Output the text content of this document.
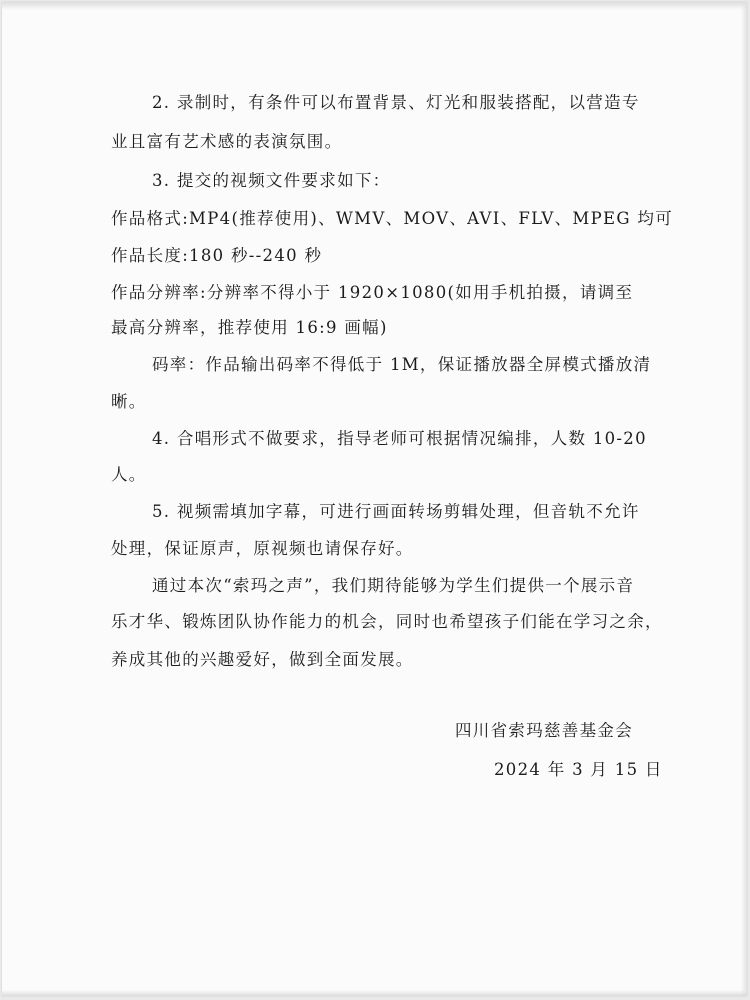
2. 录制时，有条件可以布置背景、灯光和服装搭配，以营造专

业且富有艺术感的表演氛围。

3. 提交的视频文件要求如下：

作品格式:MP4(推荐使用)、WMV、MOV、AVI、FLV、MPEG 均可

作品长度:180 秒--240 秒

作品分辨率:分辨率不得小于 1920×1080(如用手机拍摄，请调至

最高分辨率，推荐使用 16:9 画幅)

码率：作品输出码率不得低于 1M，保证播放器全屏模式播放清

晰。

4. 合唱形式不做要求，指导老师可根据情况编排，人数 10-20

人。

5. 视频需填加字幕，可进行画面转场剪辑处理，但音轨不允许

处理，保证原声，原视频也请保存好。

通过本次“索玛之声”，我们期待能够为学生们提供一个展示音

乐才华、锻炼团队协作能力的机会，同时也希望孩子们能在学习之余，

养成其他的兴趣爱好，做到全面发展。

四川省索玛慈善基金会

2024 年 3 月 15 日
